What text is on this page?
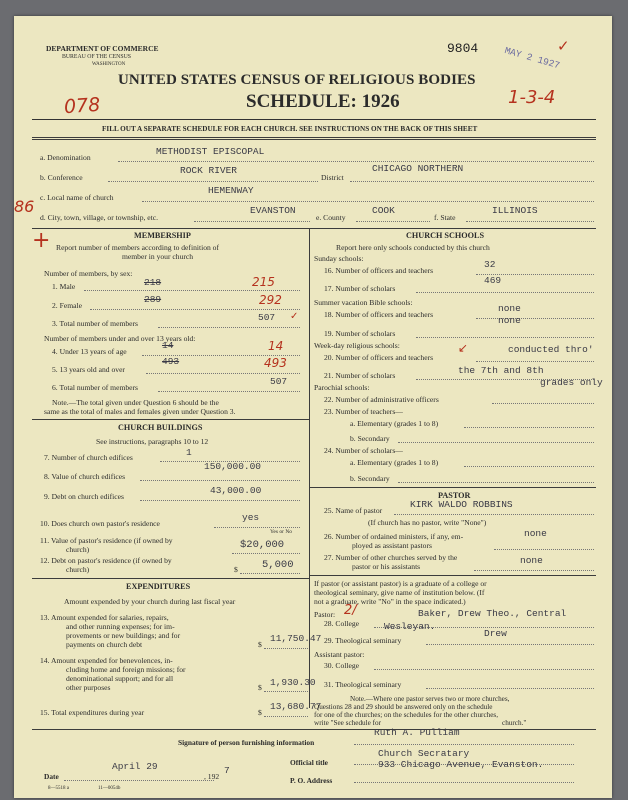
DEPARTMENT OF COMMERCE
BUREAU OF THE CENSUS
WASHINGTON
9804	MAY 2 1927
✓
UNITED STATES CENSUS OF RELIGIOUS BODIES
SCHEDULE: 1926
078	1-3-4
FILL OUT A SEPARATE SCHEDULE FOR EACH CHURCH. SEE INSTRUCTIONS ON THE BACK OF THIS SHEET
a. Denomination
METHODIST EPISCOPAL
b. Conference
ROCK RIVER
District
CHICAGO NORTHERN
c. Local name of church
HEMENWAY
86
d. City, town, village, or township, etc.
EVANSTON
e. County
COOK
f. State
ILLINOIS
+	MEMBERSHIP
Report number of members according to definition of
member in your church
Number of members, by sex:
1. Male	218	215
2. Female
289	292
3. Total number of members
507 ✓
Number of members under and over 13 years old:
4. Under 13 years of age
14	14
5. 13 years old and over
493	493
6. Total number of members
507
Note.—The total given under Question 6 should be the
same as the total of males and females given under Question 3.
CHURCH BUILDINGS
See instructions, paragraphs 10 to 12
7. Number of church edifices	1
8. Value of church edifices
150,000.00
9. Debt on church edifices
43,000.00
10. Does church own pastor's residence
yes
Yes or No
11. Value of pastor's residence (if owned by
church)	$20,000
12. Debt on pastor's residence (if owned by
church)	$ 5,000
EXPENDITURES
Amount expended by your church during last fiscal year
13. Amount expended for salaries, repairs,
and other running expenses; for im-
provements or new buildings; and for
payments on church debt	$
11,750.47
14. Amount expended for benevolences, in-
cluding home and foreign missions; for
denominational support; and for all
other purposes	$ 1,930.30
15. Total expenditures during year	$
13,680.77
CHURCH SCHOOLS
Report here only schools conducted by this church
Sunday schools:
16. Number of officers and teachers
32
17. Number of scholars
469
Summer vacation Bible schools:
18. Number of officers and teachers
none
none
19. Number of scholars
Week-day religious schools:
20. Number of officers and teachers
conducted thro'
↙
21. Number of scholars	the 7th and 8th
grades only
Parochial schools:
22. Number of administrative officers
23. Number of teachers—
a. Elementary (grades 1 to 8)
b. Secondary
24. Number of scholars—
a. Elementary (grades 1 to 8)
b. Secondary
PASTOR
25. Name of pastor
KIRK WALDO ROBBINS
(If church has no pastor, write "None")
26. Number of ordained ministers, if any, em-
ployed as assistant pastors
none
27. Number of other churches served by the
pastor or his assistants
none
If pastor (or assistant pastor) is a graduate of a college or
theological seminary, give name of institution below. (If
not a graduate, write "No" in the space indicated.)
Pastor: 2/
28. College
Baker, Drew Theo., Central
Wesleyan.
29. Theological seminary
Drew
Assistant pastor:
30. College
31. Theological seminary
Note.—Where one pastor serves two or more churches,
Questions 28 and 29 should be answered only on the schedule
for one of the churches; on the schedules for the other churches,
write "See schedule for	church."
Signature of person furnishing information
Ruth A. Pulliam
Official title
Church Secratary
933 Chicago Avenue, Evanston.
P. O. Address
Date
April 29
, 192
7
8—5518 a	11—0054b
